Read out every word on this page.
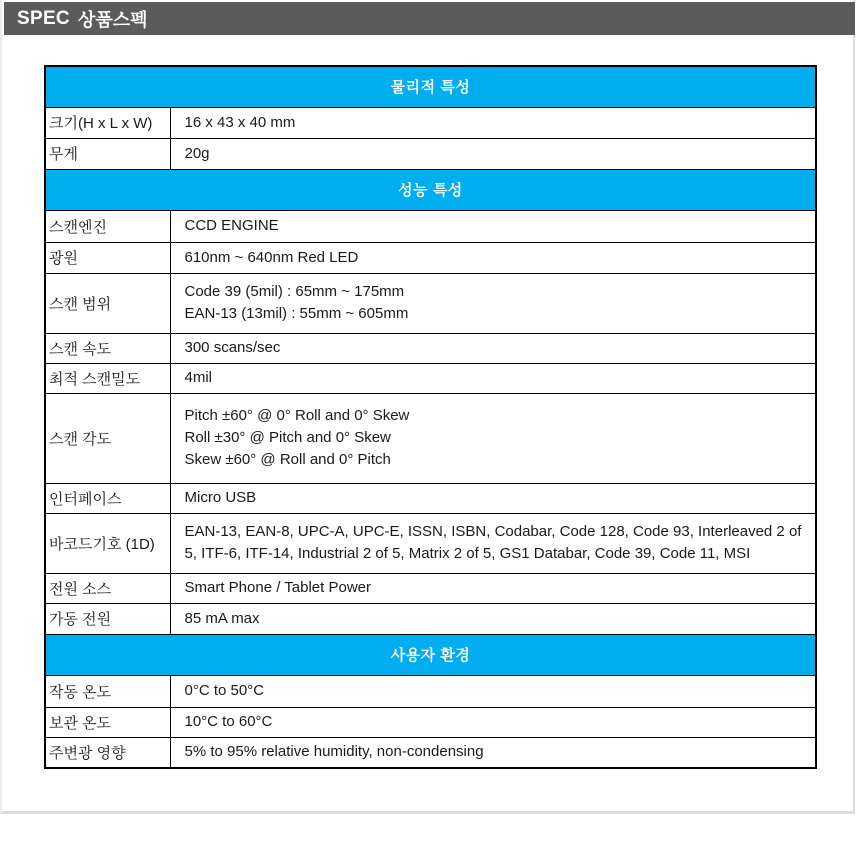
SPEC 상품스펙
물리적 특성	
크기(H x L x W)	16 x 43 x 40 mm
무게	20g
성능 특성	
스캔엔진	CCD ENGINE
광원	610nm ~ 640nm Red LED
스캔 범위	Code 39 (5mil) : 65mm ~ 175mm
EAN-13 (13mil) : 55mm ~ 605mm

스캔 속도	300 scans/sec
최적 스캔밀도	4mil
스캔 각도	Pitch ±60° @ 0° Roll and 0° Skew
Roll ±30° @ Pitch and 0° Skew
Skew ±60° @ Roll and 0° Pitch

인터페이스	Micro USB
바코드기호 (1D)	EAN-13, EAN-8, UPC-A, UPC-E, ISSN, ISBN, Codabar, Code 128, Code 93, Interleaved 2 of 5, ITF-6, ITF-14, Industrial 2 of 5, Matrix 2 of 5, GS1 Databar, Code 39, Code 11, MSI
전원 소스	Smart Phone / Tablet Power
가동 전원	85 mA max
사용자 환경	
작동 온도	0°C to 50°C
보관 온도	10°C to 60°C
주변광 영향	5% to 95% relative humidity, non-condensing
